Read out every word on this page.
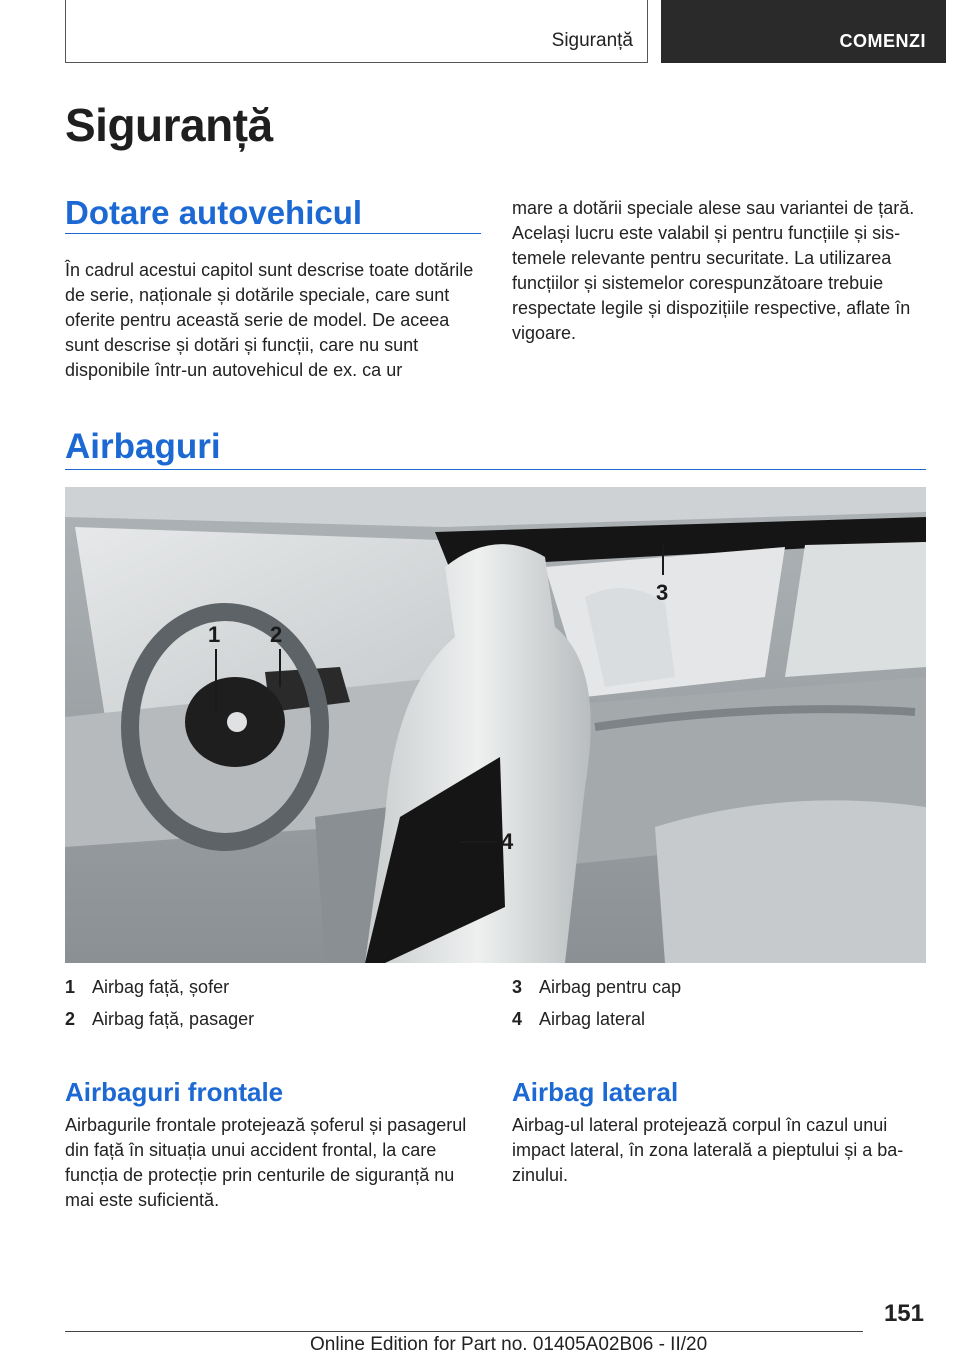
Siguranță	COMENZI
Siguranță
Dotare autovehicul

În cadrul acestui capitol sunt descrise toate dotările de serie, naționale și dotările speciale, care sunt oferite pentru această serie de model. De aceea sunt descrise și dotări și funcții, care nu sunt disponibile într-un autovehicul de ex. ca ur

mare a dotării speciale alese sau variantei de țară. Același lucru este valabil și pentru funcțiile și sistemele relevante pentru securitate. La utilizarea funcțiilor și sistemelor corespunzătoare trebuie respectate legile și dispozițiile respective, aflate în vigoare.

Airbaguri
1 2
3
4
1 Airbag față, șofer
2 Airbag față, pasager
3 Airbag pentru cap
4 Airbag lateral
Airbaguri frontale

Airbagurile frontale protejează șoferul și pasagerul din față în situația unui accident frontal, la care funcția de protecție prin centurile de siguranță nu mai este suficientă.

Airbag lateral

Airbag-ul lateral protejează corpul în cazul unui impact lateral, în zona laterală a pieptului și a bazinului.

151
Online Edition for Part no. 01405A02B06 - II/20
